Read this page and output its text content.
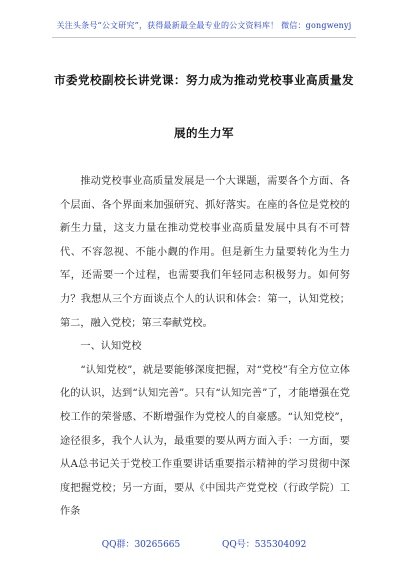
关注头条号“公文研究”，获得最新最全最专业的公文资料库！ 微信：gongwenyj
市委党校副校长讲党课：努力成为推动党校事业高质量发
展的生力军

推动党校事业高质量发展是一个大课题，需要各个方面、各个层面、各个界面来加强研究、抓好落实。在座的各位是党校的新生力量，这支力量在推动党校事业高质量发展中具有不可替代、不容忽视、不能小觑的作用。但是新生力量要转化为生力军，还需要一个过程，也需要我们年轻同志积极努力。如何努力？我想从三个方面谈点个人的认识和体会：第一，认知党校；第二，融入党校；第三奉献党校。

一、认知党校

“认知党校”，就是要能够深度把握，对“党校”有全方位立体化的认识，达到“认知完善”。只有“认知完善”了，才能增强在党校工作的荣誉感、不断增强作为党校人的自豪感。“认知党校”，途径很多，我个人认为，最重要的要从两方面入手：一方面，要从A总书记关于党校工作重要讲话重要指示精神的学习贯彻中深度把握党校；另一方面，要从《中国共产党党校（行政学院）工作条

QQ群：30265665	QQ号：535304092
